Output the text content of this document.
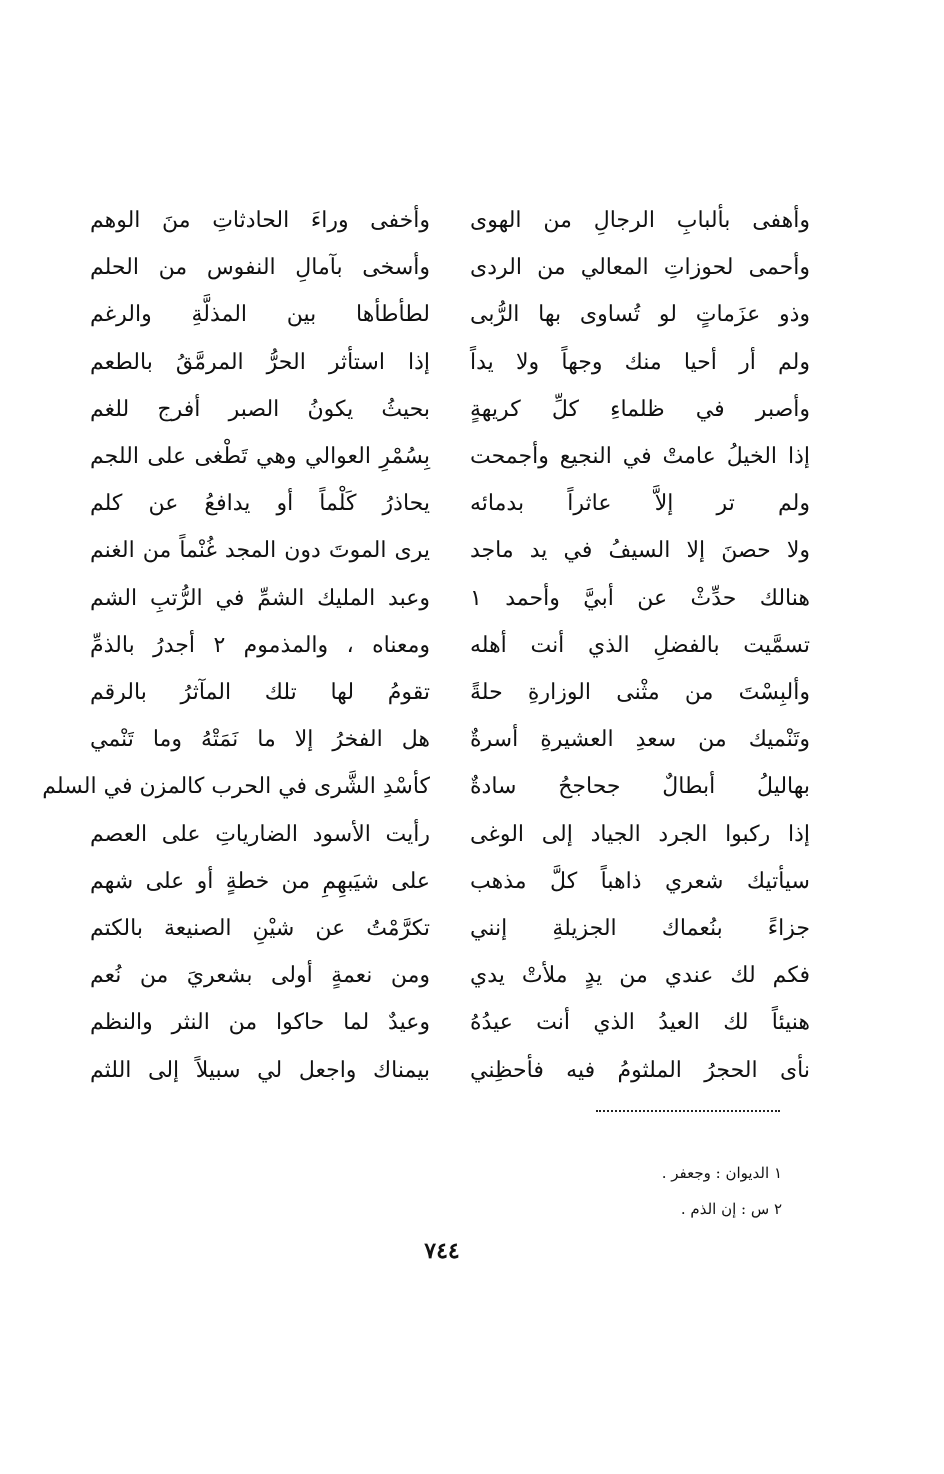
وأهفى بألبابِ الرجالِ من الهوى
وأحمى لحوزاتِ المعالي من الردى
وذو عزَماتٍ لو تُساوى بها الرُّبى
ولم أر أحيا منك وجهاً ولا يداً
وأصبر في ظلماءِ كلِّ كريهةٍ
إذا الخيلُ عامتْ في النجيع وأجمحت
ولم تر إلاَّ عاثراً بدمائه
ولا حصنَ إلا السيفُ في يد ماجد
هنالك حدِّثْ عن أبيَّ وأحمد ١
تسمَّيت بالفضلِ الذي أنت أهله
وألبِسْتَ من مثْنى الوزارةِ حلةً
وتَنْميك من سعدِ العشيرةِ أسرةٌ
بهاليلُ أبطالٌ جحاجحُ سادةٌ
إذا ركبوا الجرد الجياد إلى الوغى
سيأتيك شعري ذاهباً كلَّ مذهب
جزاءً بنُعماك الجزيلةِ إنني
فكم لك عندي من يدٍ ملأتْ يدي
هنيئاً لك العيدُ الذي أنت عيدُهُ
نأى الحجرُ الملثومُ فيه فأحظِني
وأخفى وراءَ الحادثاتِ منَ الوهم
وأسخى بآمالِ النفوس من الحلم
لطأطأها بين المذلَّةِ والرغم
إذا استأثر الحرُّ المرمَّقُ بالطعم
بحيثُ يكونُ الصبر أفرج للغم
بِسُمْرِ العوالي وهي تَطْغى على اللجم
يحاذرُ كَلْماً أو يدافعُ عن كلم
يرى الموتَ دون المجد غُنْماً من الغنم
وعبد المليك الشمِّ في الرُّتبِ الشم
ومعناه ، والمذموم ٢ أجدرُ بالذمِّ
تقومُ لها تلك المآثرُ بالرقم
هل الفخرُ إلا ما نَمَتْهُ وما تَنْمي
كأسْدِ الشَّرى في الحرب كالمزن في السلم
رأيت الأسود الضارياتِ على العصم
على شيَبهِمِ من خطةٍ أو على شهم
تكرَّمْتُ عن شيْنِ الصنيعة بالكتم
ومن نعمةٍ أولى بشعريَ من نُعم
وعيدٌ لما حاكوا من النثر والنظم
بيمناك واجعل لي سبيلاً إلى اللثم
١ الديوان : وجعفر .
٢ س : إن الذم .
٧٤٤
